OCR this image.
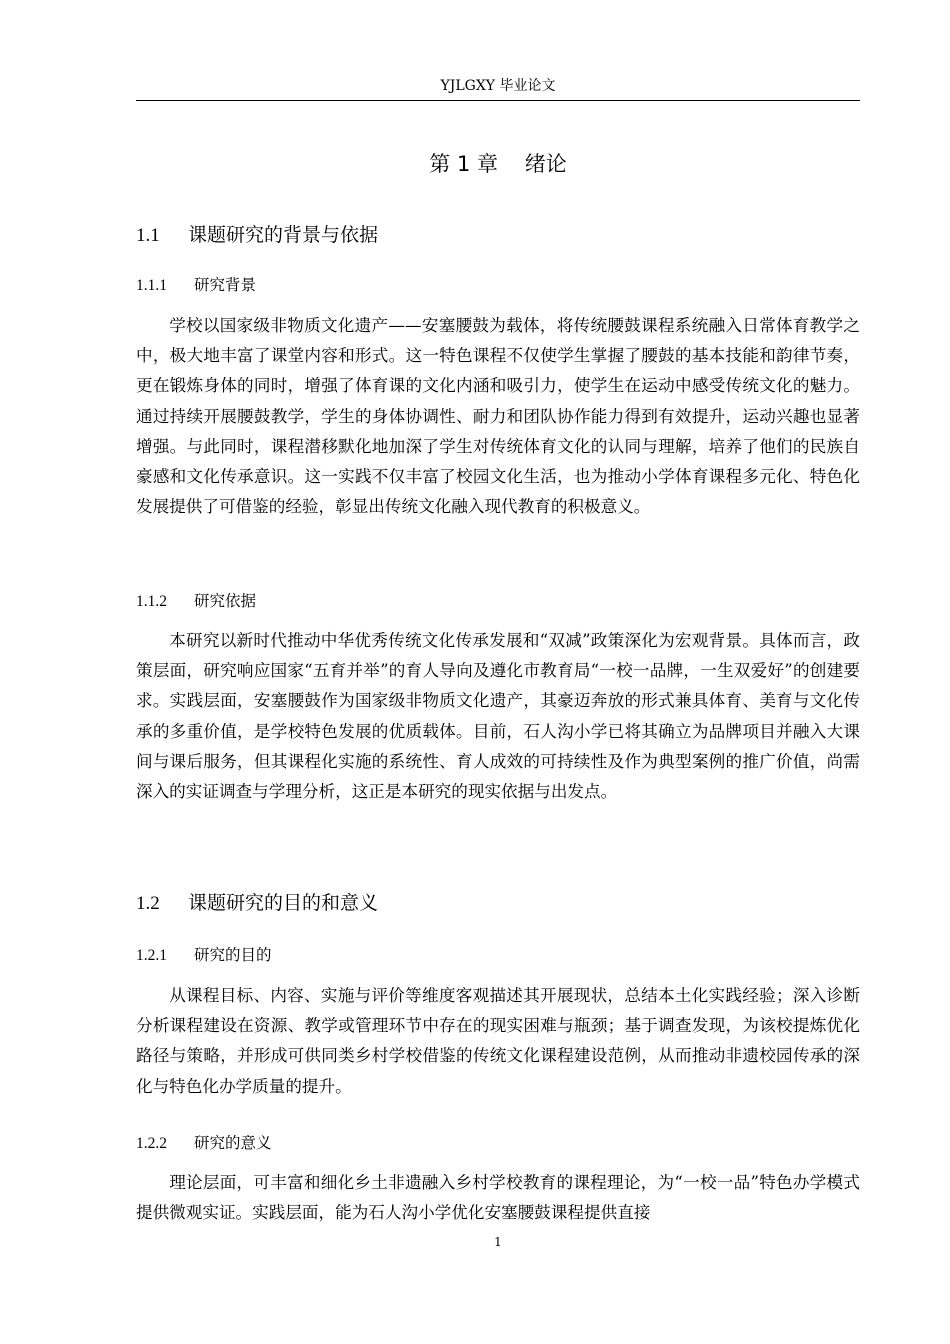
YJLGXY 毕业论文
第 1 章    绪论
1.1 课题研究的背景与依据
1.1.1 研究背景

学校以国家级非物质文化遗产——安塞腰鼓为载体，将传统腰鼓课程系统融入日常体育教学之中，极大地丰富了课堂内容和形式。这一特色课程不仅使学生掌握了腰鼓的基本技能和韵律节奏，更在锻炼身体的同时，增强了体育课的文化内涵和吸引力，使学生在运动中感受传统文化的魅力。通过持续开展腰鼓教学，学生的身体协调性、耐力和团队协作能力得到有效提升，运动兴趣也显著增强。与此同时，课程潜移默化地加深了学生对传统体育文化的认同与理解，培养了他们的民族自豪感和文化传承意识。这一实践不仅丰富了校园文化生活，也为推动小学体育课程多元化、特色化发展提供了可借鉴的经验，彰显出传统文化融入现代教育的积极意义。

1.1.2 研究依据

本研究以新时代推动中华优秀传统文化传承发展和“双减”政策深化为宏观背景。具体而言，政策层面，研究响应国家“五育并举”的育人导向及遵化市教育局“一校一品牌，一生双爱好”的创建要求。实践层面，安塞腰鼓作为国家级非物质文化遗产，其豪迈奔放的形式兼具体育、美育与文化传承的多重价值，是学校特色发展的优质载体。目前，石人沟小学已将其确立为品牌项目并融入大课间与课后服务，但其课程化实施的系统性、育人成效的可持续性及作为典型案例的推广价值，尚需深入的实证调查与学理分析，这正是本研究的现实依据与出发点。

1.2 课题研究的目的和意义
1.2.1 研究的目的

从课程目标、内容、实施与评价等维度客观描述其开展现状，总结本土化实践经验；深入诊断分析课程建设在资源、教学或管理环节中存在的现实困难与瓶颈；基于调查发现，为该校提炼优化路径与策略，并形成可供同类乡村学校借鉴的传统文化课程建设范例，从而推动非遗校园传承的深化与特色化办学质量的提升。

1.2.2 研究的意义

理论层面，可丰富和细化乡土非遗融入乡村学校教育的课程理论，为“一校一品”特色办学模式提供微观实证。实践层面，能为石人沟小学优化安塞腰鼓课程提供直接

1
